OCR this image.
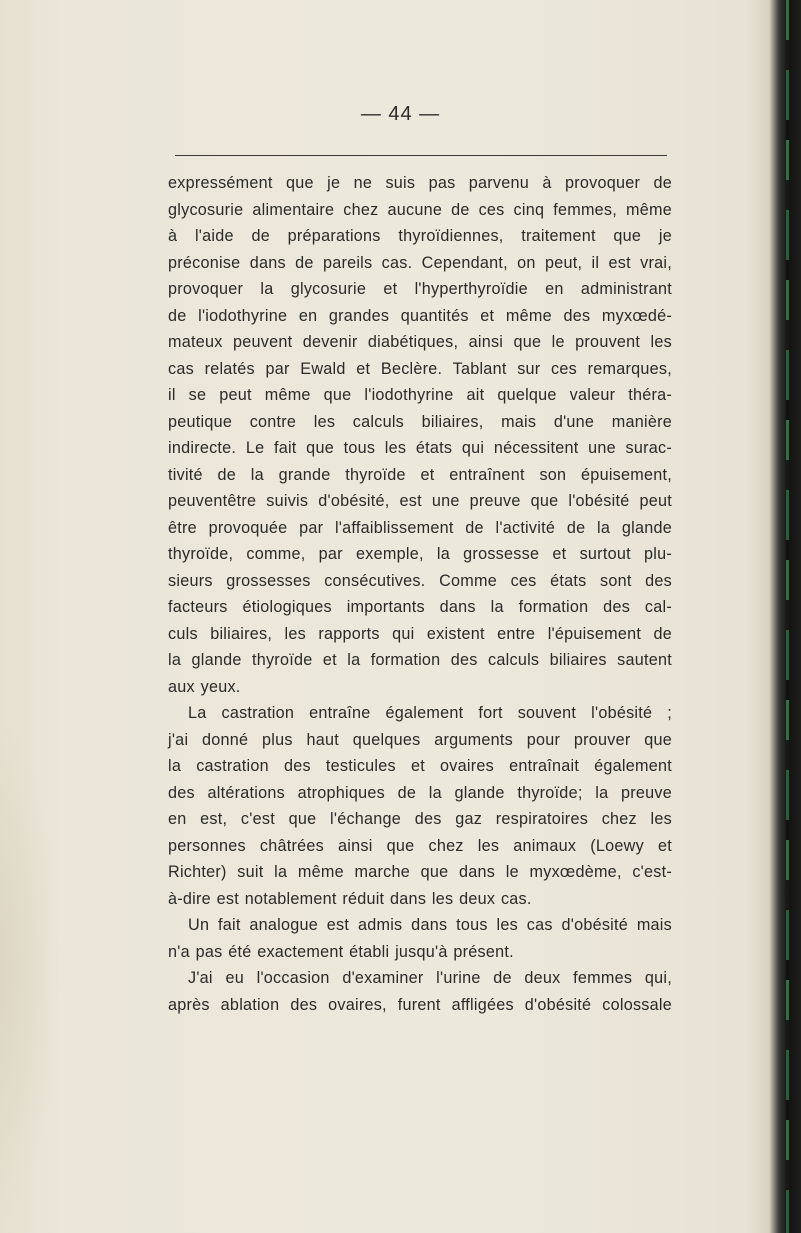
— 44 —
expressément que je ne suis pas parvenu à provoquer de
glycosurie alimentaire chez aucune de ces cinq femmes, même
à l'aide de préparations thyroïdiennes, traitement que je
préconise dans de pareils cas. Cependant, on peut, il est vrai,
provoquer la glycosurie et l'hyperthyroïdie en administrant
de l'iodothyrine en grandes quantités et même des myxœdé-
mateux peuvent devenir diabétiques, ainsi que le prouvent les
cas relatés par Ewald et Beclère. Tablant sur ces remarques,
il se peut même que l'iodothyrine ait quelque valeur théra-
peutique contre les calculs biliaires, mais d'une manière
indirecte. Le fait que tous les états qui nécessitent une surac-
tivité de la grande thyroïde et entraînent son épuisement,
peuventêtre suivis d'obésité, est une preuve que l'obésité peut
être provoquée par l'affaiblissement de l'activité de la glande
thyroïde, comme, par exemple, la grossesse et surtout plu-
sieurs grossesses consécutives. Comme ces états sont des
facteurs étiologiques importants dans la formation des cal-
culs biliaires, les rapports qui existent entre l'épuisement de
la glande thyroïde et la formation des calculs biliaires sautent
aux yeux.
La castration entraîne également fort souvent l'obésité ;
j'ai donné plus haut quelques arguments pour prouver que
la castration des testicules et ovaires entraînait également
des altérations atrophiques de la glande thyroïde; la preuve
en est, c'est que l'échange des gaz respiratoires chez les
personnes châtrées ainsi que chez les animaux (Loewy et
Richter) suit la même marche que dans le myxœdème, c'est-
à-dire est notablement réduit dans les deux cas.
Un fait analogue est admis dans tous les cas d'obésité mais
n'a pas été exactement établi jusqu'à présent.
J'ai eu l'occasion d'examiner l'urine de deux femmes qui,
après ablation des ovaires, furent affligées d'obésité colossale
